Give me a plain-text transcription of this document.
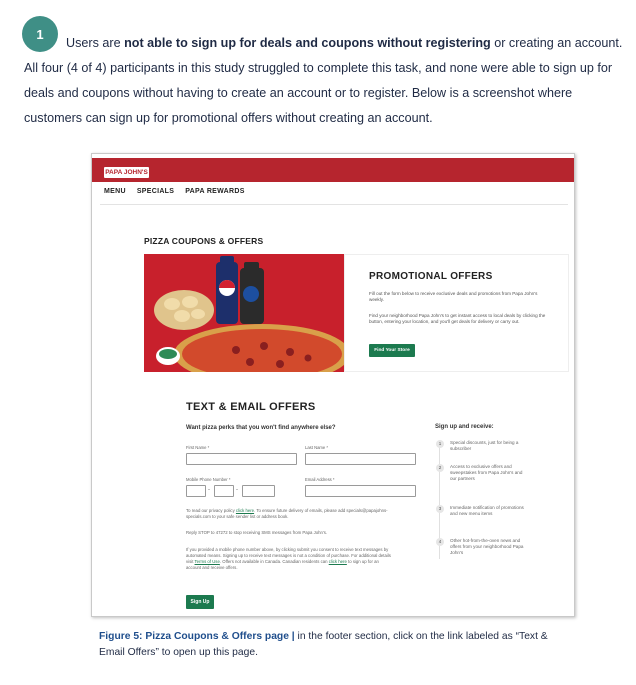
1

Users are not able to sign up for deals and coupons without registering or creating an account. All four (4 of 4) participants in this study struggled to complete this task, and none were able to sign up for deals and coupons without having to create an account or to register. Below is a screenshot where customers can sign up for promotional offers without creating an account.

PAPA JOHN'S
MENU SPECIALS PAPA REWARDS
PIZZA COUPONS & OFFERS
PROMOTIONAL OFFERS
Fill out the form below to receive exclusive deals and promotions from Papa John's weekly.
Find your neighborhood Papa John's to get instant access to local deals by clicking the button, entering your location, and you'll get deals for delivery or carry out.
Find Your Store
TEXT & EMAIL OFFERS
Want pizza perks that you won't find anywhere else?
First Name *	Last Name *
Mobile Phone Number *
-	-
Email Address *

To read our privacy policy click here. To ensure future delivery of emails, please add specials@papajohns-specials.com to your safe sender list or address book.

Reply STOP to 47272 to stop receiving SMS messages from Papa John's.

If you provided a mobile phone number above, by clicking submit you consent to receive text messages by automated means. Signing up to receive text messages is not a condition of purchase. For additional details visit Terms of Use. Offers not available in Canada. Canadian residents can click here to sign up for an account and receive offers.

Sign Up
Sign up and receive:
1	Special discounts, just for being a subscriber
2	Access to exclusive offers and sweepstakes from Papa John's and our partners
3	Immediate notification of promotions and new menu items
4	Other hot-from-the-oven news and offers from your neighborhood Papa John's

Figure 5: Pizza Coupons & Offers page | in the footer section, click on the link labeled as “Text & Email Offers” to open up this page.
